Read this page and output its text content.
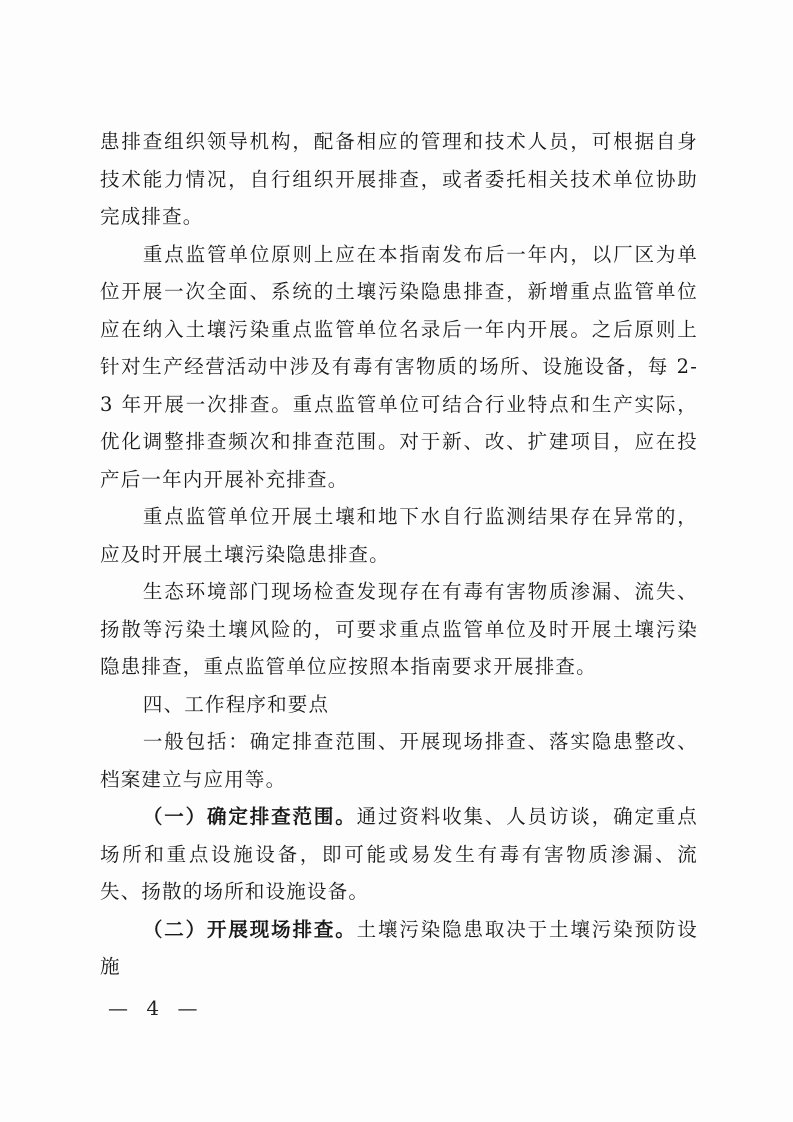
患排查组织领导机构，配备相应的管理和技术人员，可根据自身技术能力情况，自行组织开展排查，或者委托相关技术单位协助完成排查。

重点监管单位原则上应在本指南发布后一年内，以厂区为单位开展一次全面、系统的土壤污染隐患排查，新增重点监管单位应在纳入土壤污染重点监管单位名录后一年内开展。之后原则上针对生产经营活动中涉及有毒有害物质的场所、设施设备，每 2-3 年开展一次排查。重点监管单位可结合行业特点和生产实际，优化调整排查频次和排查范围。对于新、改、扩建项目，应在投产后一年内开展补充排查。

重点监管单位开展土壤和地下水自行监测结果存在异常的，应及时开展土壤污染隐患排查。

生态环境部门现场检查发现存在有毒有害物质渗漏、流失、扬散等污染土壤风险的，可要求重点监管单位及时开展土壤污染隐患排查，重点监管单位应按照本指南要求开展排查。

四、工作程序和要点

一般包括：确定排查范围、开展现场排查、落实隐患整改、档案建立与应用等。

（一）确定排查范围。通过资料收集、人员访谈，确定重点场所和重点设施设备，即可能或易发生有毒有害物质渗漏、流失、扬散的场所和设施设备。

（二）开展现场排查。土壤污染隐患取决于土壤污染预防设施

— 4 —
